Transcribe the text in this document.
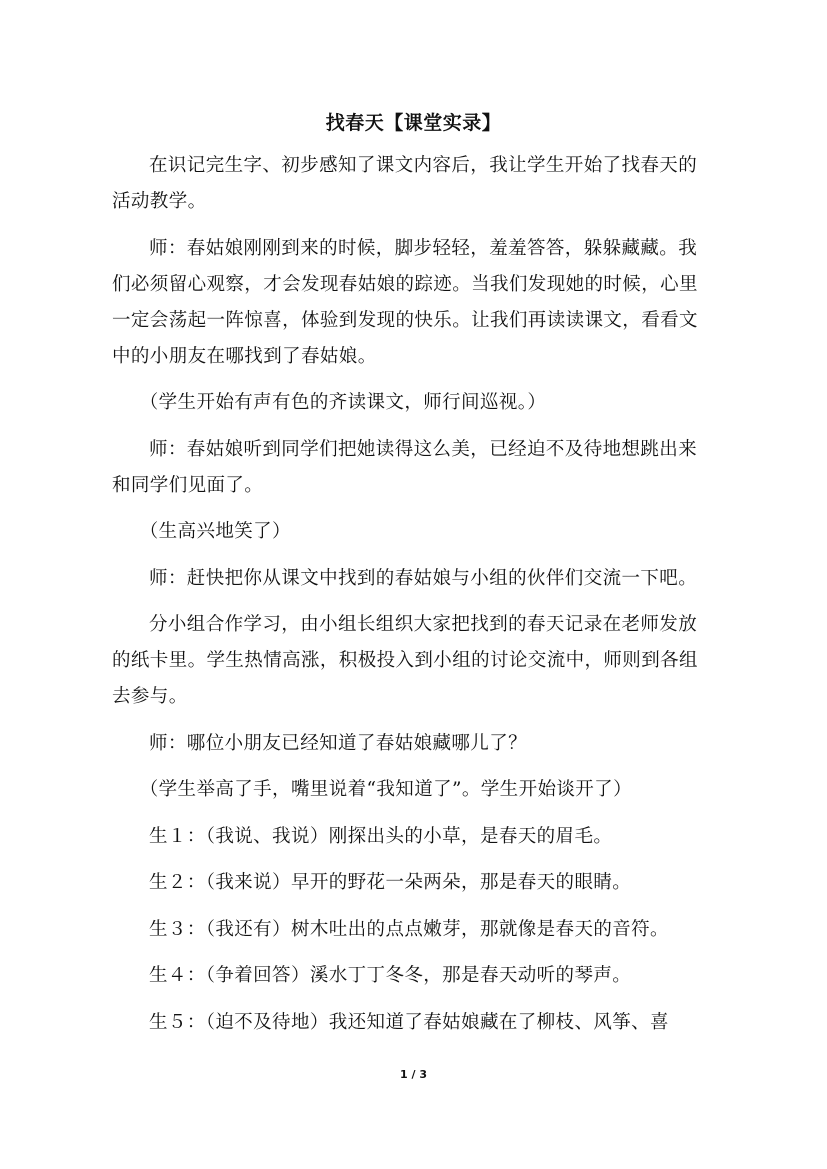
找春天【课堂实录】

在识记完生字、初步感知了课文内容后，我让学生开始了找春天的活动教学。

师：春姑娘刚刚到来的时候，脚步轻轻，羞羞答答，躲躲藏藏。我们必须留心观察，才会发现春姑娘的踪迹。当我们发现她的时候，心里一定会荡起一阵惊喜，体验到发现的快乐。让我们再读读课文，看看文中的小朋友在哪找到了春姑娘。

（学生开始有声有色的齐读课文，师行间巡视。）

师：春姑娘听到同学们把她读得这么美，已经迫不及待地想跳出来和同学们见面了。

（生高兴地笑了）

师：赶快把你从课文中找到的春姑娘与小组的伙伴们交流一下吧。

分小组合作学习，由小组长组织大家把找到的春天记录在老师发放的纸卡里。学生热情高涨，积极投入到小组的讨论交流中，师则到各组去参与。

师：哪位小朋友已经知道了春姑娘藏哪儿了？

（学生举高了手，嘴里说着“我知道了”。学生开始谈开了）

生１：（我说、我说）刚探出头的小草，是春天的眉毛。

生２：（我来说）早开的野花一朵两朵，那是春天的眼睛。

生３：（我还有）树木吐出的点点嫩芽，那就像是春天的音符。

生４：（争着回答）溪水丁丁冬冬，那是春天动听的琴声。

生５：（迫不及待地）我还知道了春姑娘藏在了柳枝、风筝、喜

1 / 3
